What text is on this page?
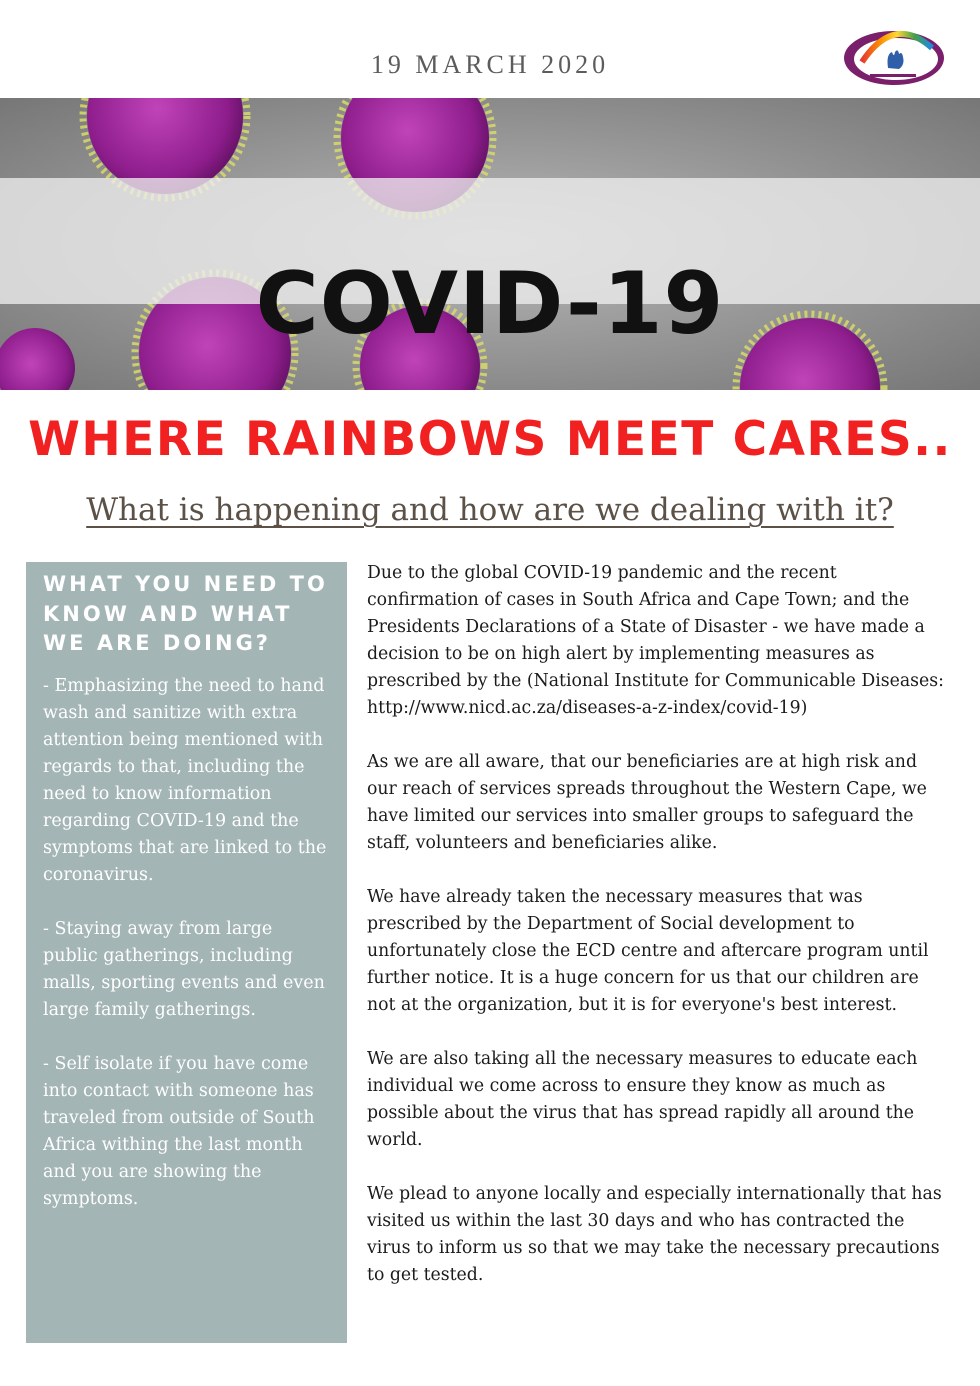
19 MARCH 2020
COVID-19
WHERE RAINBOWS MEET CARES..
What is happening and how are we dealing with it?
WHAT YOU NEED TO KNOW AND WHAT WE ARE DOING?
- Emphasizing the need to hand wash and sanitize with extra attention being mentioned with regards to that, including the need to know information regarding COVID-19 and the symptoms that are linked to the coronavirus.
- Staying away from large public gatherings, including malls, sporting events and even large family gatherings.
- Self isolate if you have come into contact with someone has traveled from outside of South Africa withing the last month and you are showing the symptoms.

Due to the global COVID-19 pandemic and the recent confirmation of cases in South Africa and Cape Town; and the Presidents Declarations of a State of Disaster - we have made a decision to be on high alert by implementing measures as prescribed by the (National Institute for Communicable Diseases: http://www.nicd.ac.za/diseases-a-z-index/covid-19)

As we are all aware, that our beneficiaries are at high risk and our reach of services spreads throughout the Western Cape, we have limited our services into smaller groups to safeguard the staff, volunteers and beneficiaries alike.

We have already taken the necessary measures that was prescribed by the Department of Social development to unfortunately close the ECD centre and aftercare program until further notice. It is a huge concern for us that our children are not at the organization, but it is for everyone's best interest.

We are also taking all the necessary measures to educate each individual we come across to ensure they know as much as possible about the virus that has spread rapidly all around the world.

We plead to anyone locally and especially internationally that has visited us within the last 30 days and who has contracted the virus to inform us so that we may take the necessary precautions to get tested.
